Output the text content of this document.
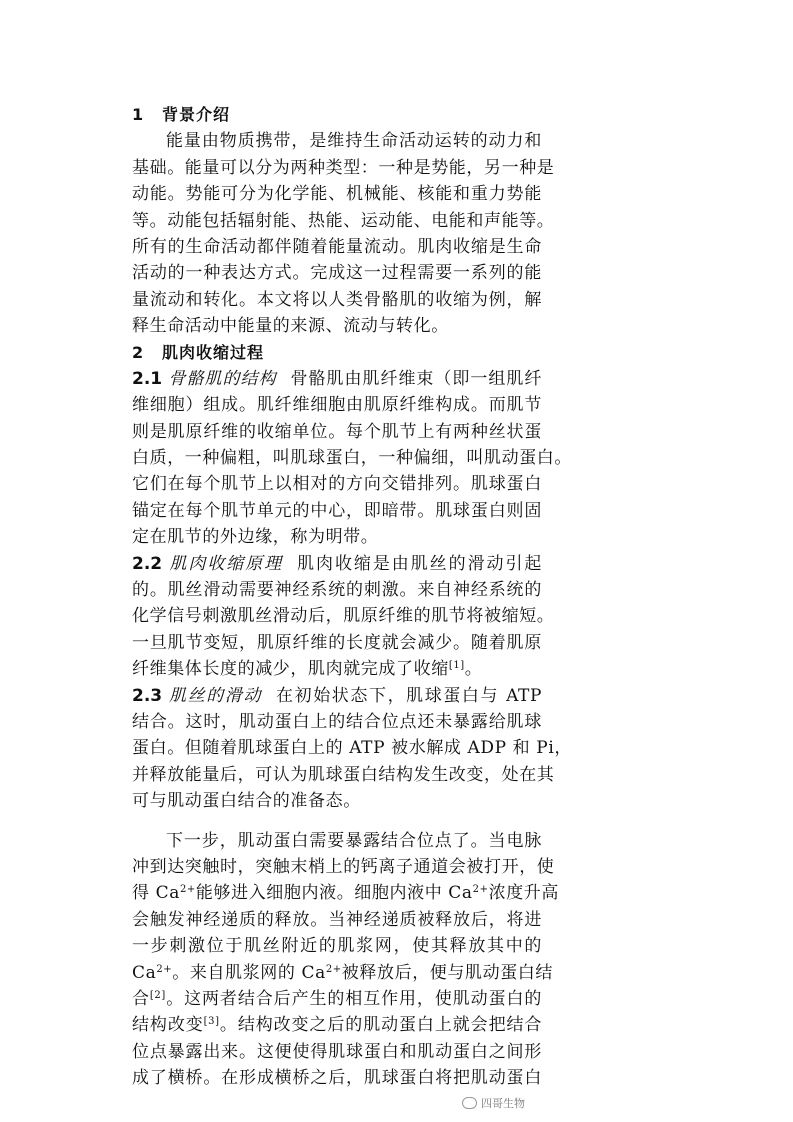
1 背景介绍
能量由物质携带，是维持生命活动运转的动力和
基础。能量可以分为两种类型：一种是势能，另一种是
动能。势能可分为化学能、机械能、核能和重力势能
等。动能包括辐射能、热能、运动能、电能和声能等。
所有的生命活动都伴随着能量流动。肌肉收缩是生命
活动的一种表达方式。完成这一过程需要一系列的能
量流动和转化。本文将以人类骨骼肌的收缩为例，解
释生命活动中能量的来源、流动与转化。
2 肌肉收缩过程
2.1 骨骼肌的结构 骨骼肌由肌纤维束（即一组肌纤
维细胞）组成。肌纤维细胞由肌原纤维构成。而肌节
则是肌原纤维的收缩单位。每个肌节上有两种丝状蛋
白质，一种偏粗，叫肌球蛋白，一种偏细，叫肌动蛋白。
它们在每个肌节上以相对的方向交错排列。肌球蛋白
锚定在每个肌节单元的中心，即暗带。肌球蛋白则固
定在肌节的外边缘，称为明带。
2.2 肌肉收缩原理 肌肉收缩是由肌丝的滑动引起
的。肌丝滑动需要神经系统的刺激。来自神经系统的
化学信号刺激肌丝滑动后，肌原纤维的肌节将被缩短。
一旦肌节变短，肌原纤维的长度就会减少。随着肌原
纤维集体长度的减少，肌肉就完成了收缩[1]。
2.3 肌丝的滑动 在初始状态下，肌球蛋白与 ATP
结合。这时，肌动蛋白上的结合位点还未暴露给肌球
蛋白。但随着肌球蛋白上的 ATP 被水解成 ADP 和 Pi，
并释放能量后，可认为肌球蛋白结构发生改变，处在其
可与肌动蛋白结合的准备态。
下一步，肌动蛋白需要暴露结合位点了。当电脉
冲到达突触时，突触末梢上的钙离子通道会被打开，使
得 $Ca^{2+}$能够进入细胞内液。细胞内液中 $Ca^{2+}$浓度升高
会触发神经递质的释放。当神经递质被释放后，将进
一步刺激位于肌丝附近的肌浆网，使其释放其中的
$Ca^{2+}$。来自肌浆网的 $Ca^{2+}$被释放后，便与肌动蛋白结
合[2]。这两者结合后产生的相互作用，使肌动蛋白的
结构改变[3]。结构改变之后的肌动蛋白上就会把结合
位点暴露出来。这便使得肌球蛋白和肌动蛋白之间形
成了横桥。在形成横桥之后，肌球蛋白将把肌动蛋白
四哥生物
